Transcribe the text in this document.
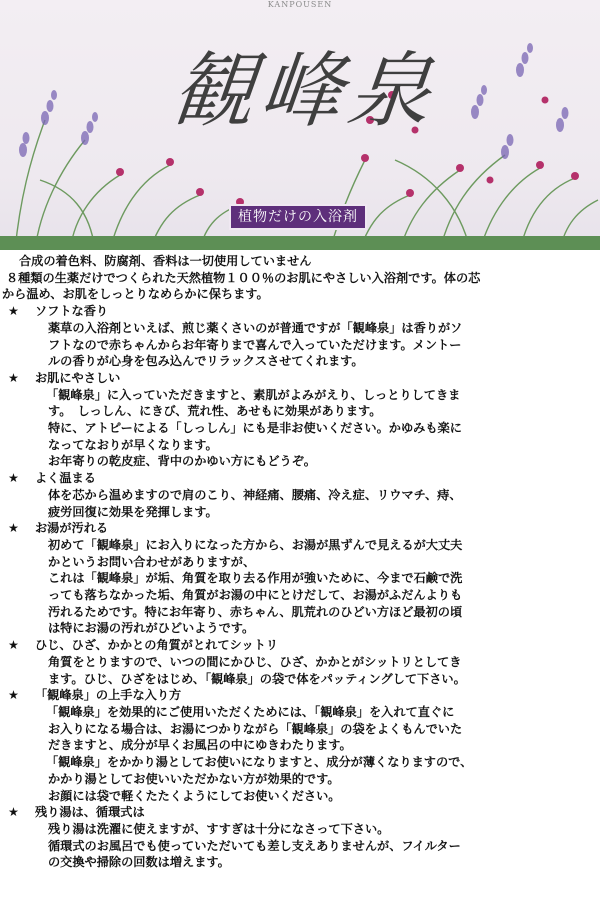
KANPOUSEN
観峰泉
植物だけの入浴剤
合成の着色料、防腐剤、香料は一切使用していません
８種類の生薬だけでつくられた天然植物１００％のお肌にやさしい入浴剤です。体の芯
から温め、お肌をしっとりなめらかに保ちます。
★ ソフトな香り
薬草の入浴剤といえば、煎じ薬くさいのが普通ですが「観峰泉」は香りがソ
フトなので赤ちゃんからお年寄りまで喜んで入っていただけます。メントー
ルの香りが心身を包み込んでリラックスさせてくれます。
★ お肌にやさしい
「観峰泉」に入っていただきますと、素肌がよみがえり、しっとりしてきま
す。　しっしん、にきび、荒れ性、あせもに効果があります。
特に、アトピーによる「しっしん」にも是非お使いください。かゆみも楽に
なってなおりが早くなります。
お年寄りの乾皮症、背中のかゆい方にもどうぞ。
★ よく温まる
体を芯から温めますので肩のこり、神経痛、腰痛、冷え症、リウマチ、痔、
疲労回復に効果を発揮します。
★ お湯が汚れる
初めて「観峰泉」にお入りになった方から、お湯が黒ずんで見えるが大丈夫
かというお問い合わせがありますが、
これは「観峰泉」が垢、角質を取り去る作用が強いために、今まで石鹸で洗
っても落ちなかった垢、角質がお湯の中にとけだして、お湯がふだんよりも
汚れるためです。特にお年寄り、赤ちゃん、肌荒れのひどい方ほど最初の頃
は特にお湯の汚れがひどいようです。
★ ひじ、ひざ、かかとの角質がとれてシットリ
角質をとりますので、いつの間にかひじ、ひざ、かかとがシットリとしてき
ます。ひじ、ひざをはじめ、「観峰泉」の袋で体をパッティングして下さい。
★ 「観峰泉」の上手な入り方
「観峰泉」を効果的にご使用いただくためには、「観峰泉」を入れて直ぐに
お入りになる場合は、お湯につかりながら「観峰泉」の袋をよくもんでいた
だきますと、成分が早くお風呂の中にゆきわたります。
「観峰泉」をかかり湯としてお使いになりますと、成分が薄くなりますので、
かかり湯としてお使いいただかない方が効果的です。
お顔には袋で軽くたたくようにしてお使いください。
★ 残り湯は、循環式は
残り湯は洗濯に使えますが、すすぎは十分になさって下さい。
循環式のお風呂でも使っていただいても差し支えありませんが、フイルター
の交換や掃除の回数は増えます。
